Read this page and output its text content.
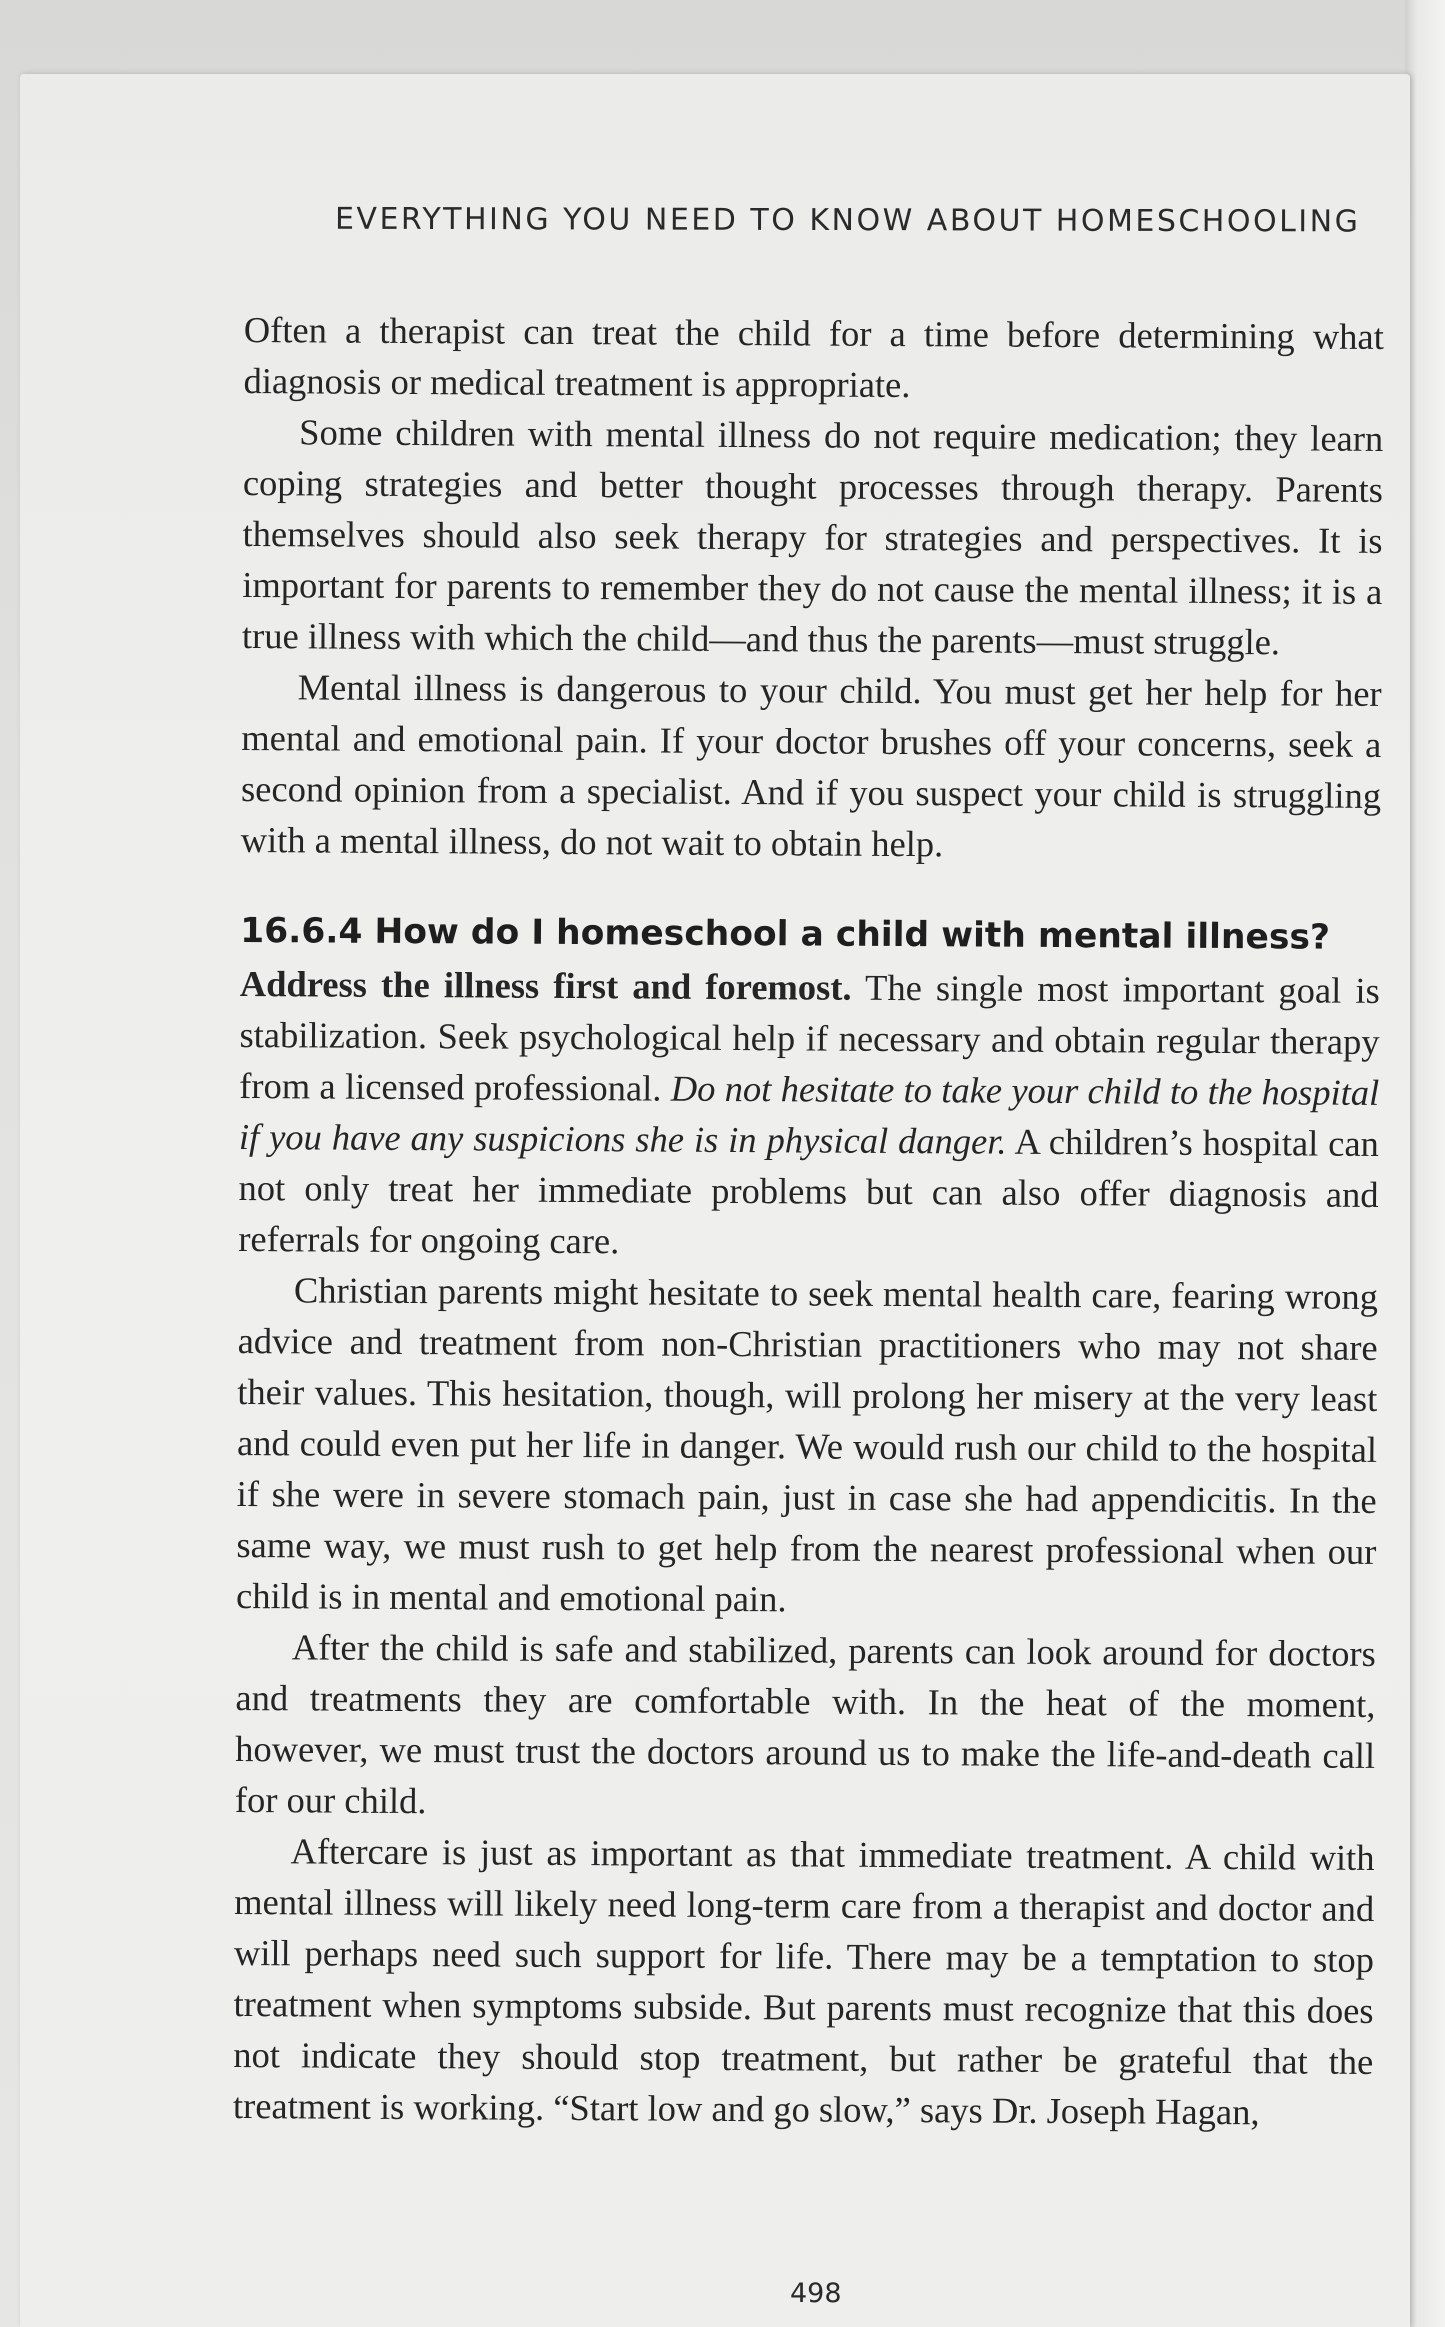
EVERYTHING YOU NEED TO KNOW ABOUT HOMESCHOOLING

Often a therapist can treat the child for a time before determining what diagnosis or medical treatment is appropriate.

Some children with mental illness do not require medication; they learn coping strategies and better thought processes through therapy. Parents themselves should also seek therapy for strategies and perspectives. It is important for parents to remember they do not cause the mental illness; it is a true illness with which the child—and thus the parents—must struggle.

Mental illness is dangerous to your child. You must get her help for her mental and emotional pain. If your doctor brushes off your concerns, seek a second opinion from a specialist. And if you suspect your child is struggling with a mental illness, do not wait to obtain help.

16.6.4 How do I homeschool a child with mental illness?

Address the illness first and foremost. The single most important goal is stabilization. Seek psychological help if necessary and obtain regular therapy from a licensed professional. Do not hesitate to take your child to the hospital if you have any suspicions she is in physical danger. A children’s hospital can not only treat her immediate problems but can also offer diagnosis and referrals for ongoing care.

Christian parents might hesitate to seek mental health care, fearing wrong advice and treatment from non-Christian practitioners who may not share their values. This hesitation, though, will prolong her misery at the very least and could even put her life in danger. We would rush our child to the hospital if she were in severe stomach pain, just in case she had appendicitis. In the same way, we must rush to get help from the nearest professional when our child is in mental and emotional pain.

After the child is safe and stabilized, parents can look around for doctors and treatments they are comfortable with. In the heat of the moment, however, we must trust the doctors around us to make the life-and-death call for our child.

Aftercare is just as important as that immediate treatment. A child with mental illness will likely need long-term care from a therapist and doctor and will perhaps need such support for life. There may be a temptation to stop treatment when symptoms subside. But parents must recognize that this does not indicate they should stop treatment, but rather be grateful that the treatment is working. “Start low and go slow,” says Dr. Joseph Hagan,

498
